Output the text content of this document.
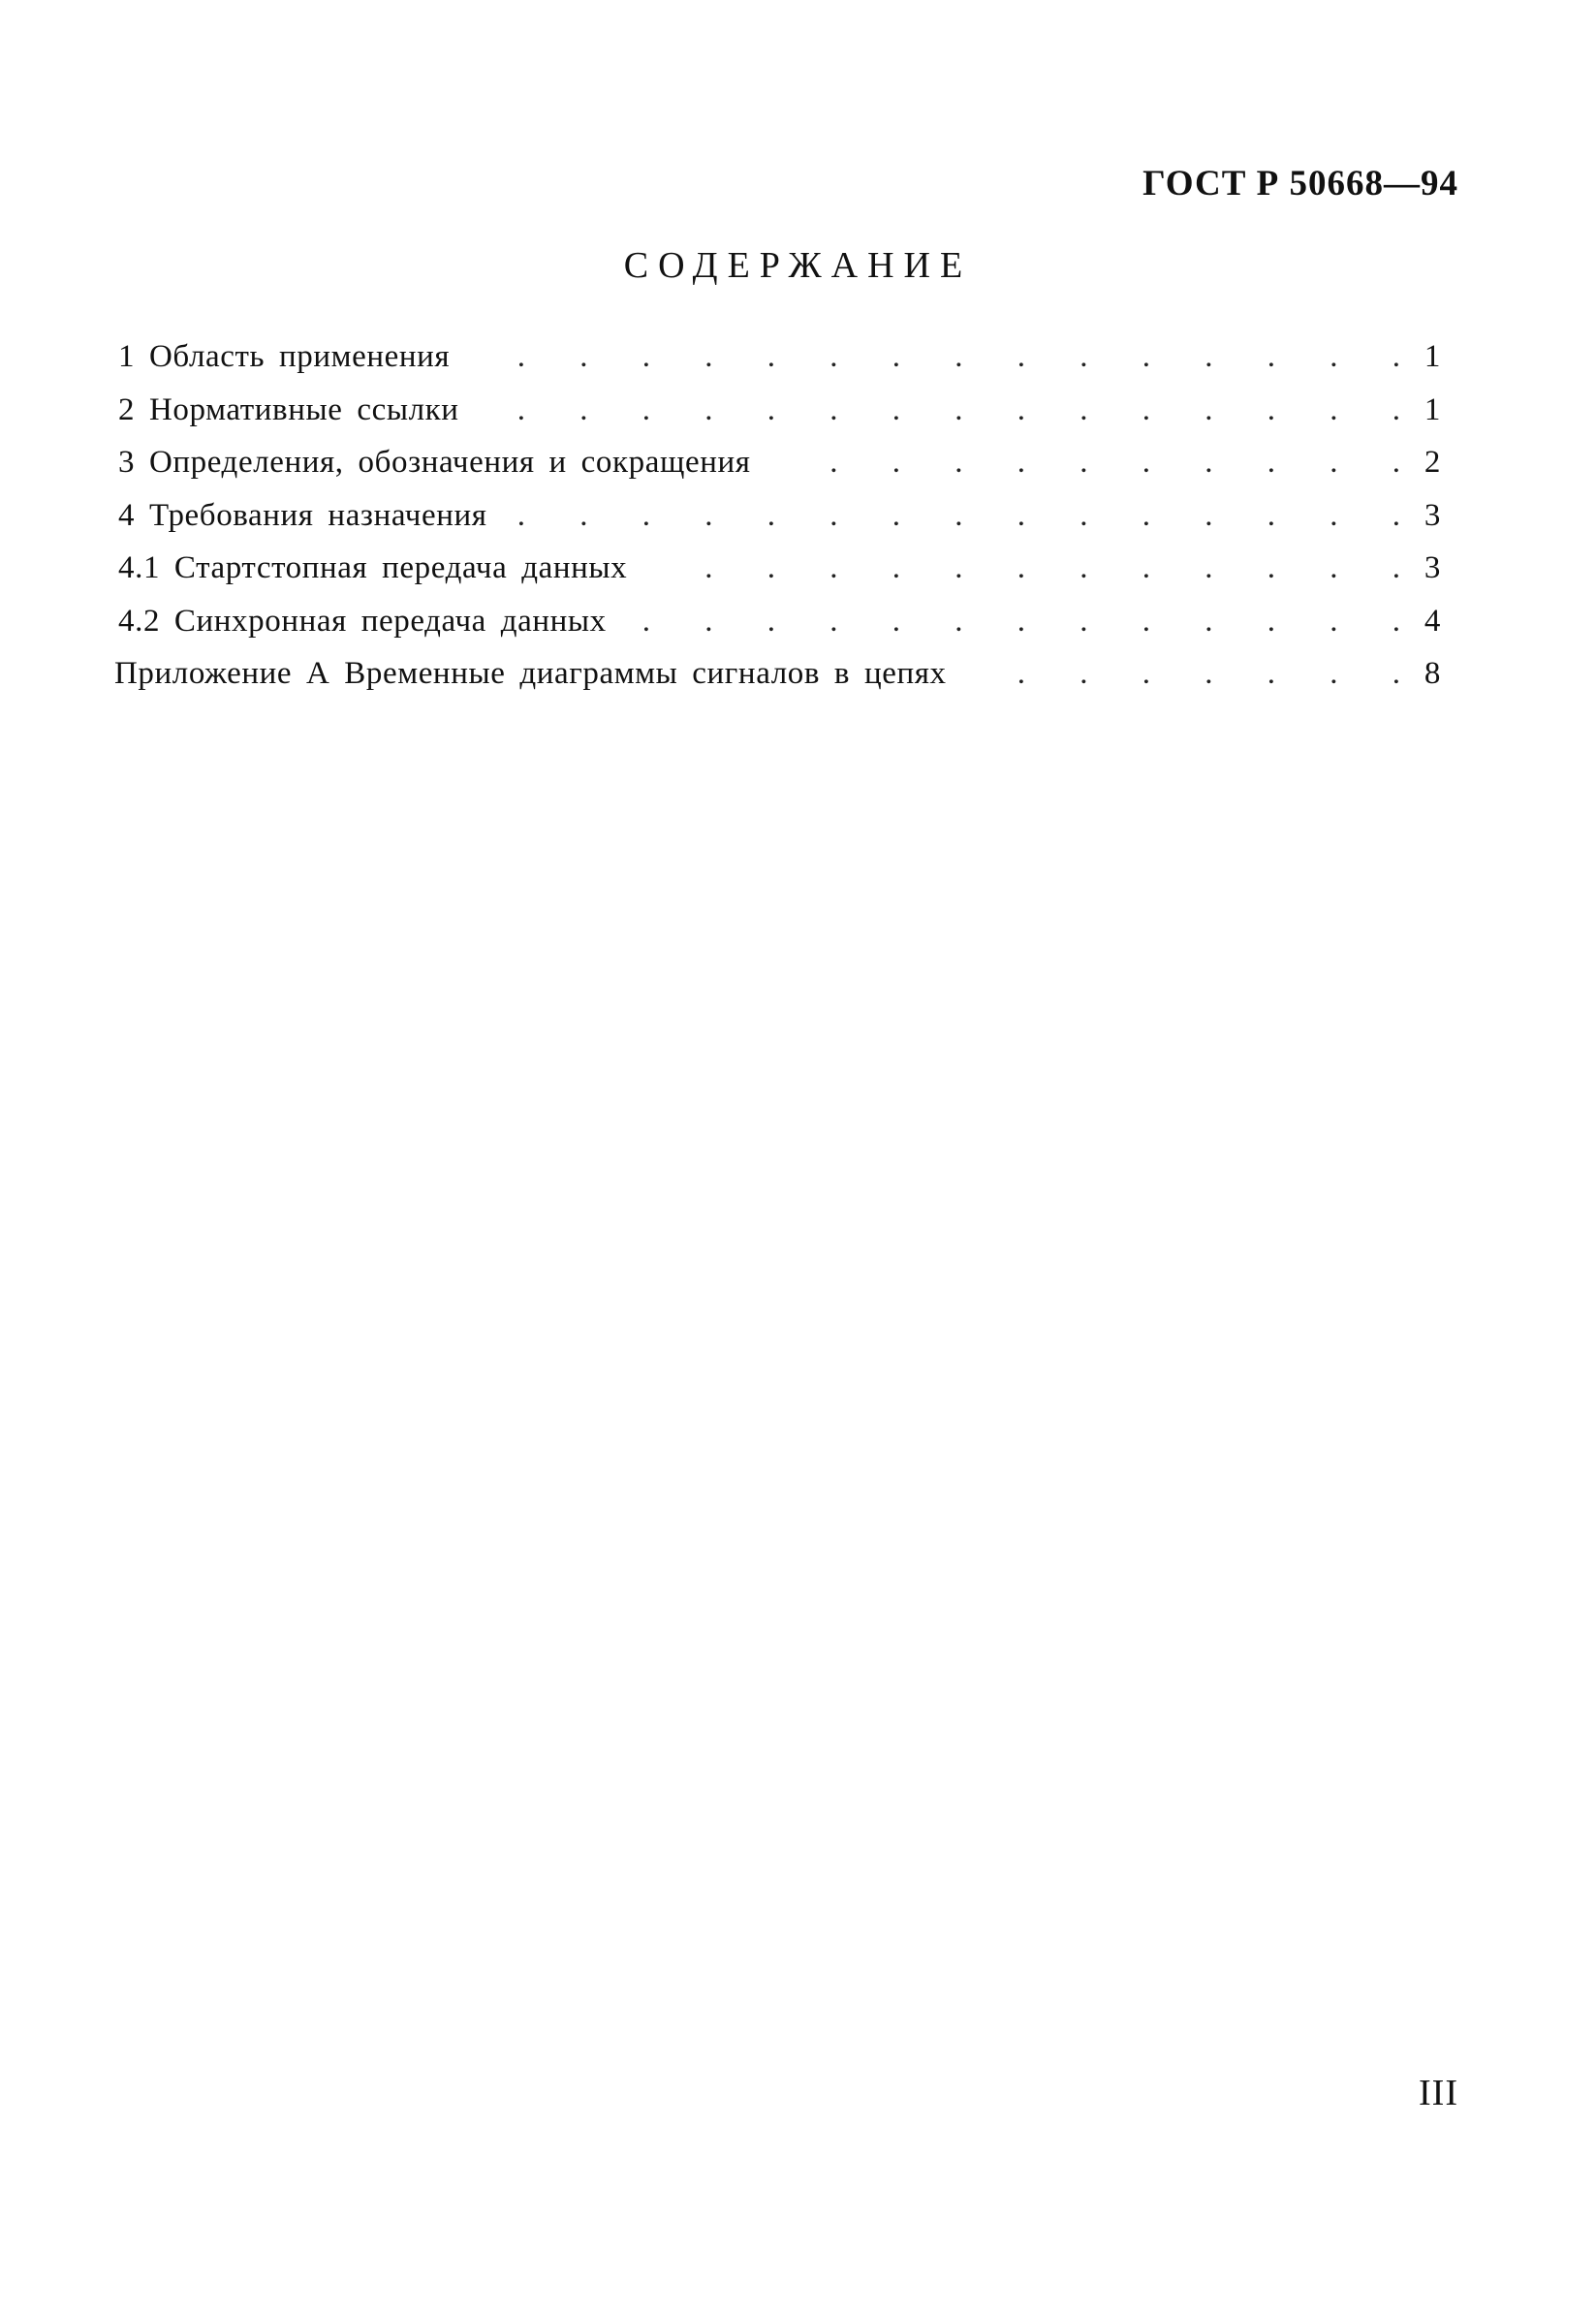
ГОСТ Р 50668—94
СОДЕРЖАНИЕ
1 Область применения . . .	1
2 Нормативные ссылки . . .	1
3 Определения, обозначения и сокращения . . .	2
4 Требования назначения . . .	3
4.1 Стартстопная передача данных . . .	3
4.2 Синхронная передача данных . . .	4
Приложение А Временные диаграммы сигналов в цепях . . .	8
III
